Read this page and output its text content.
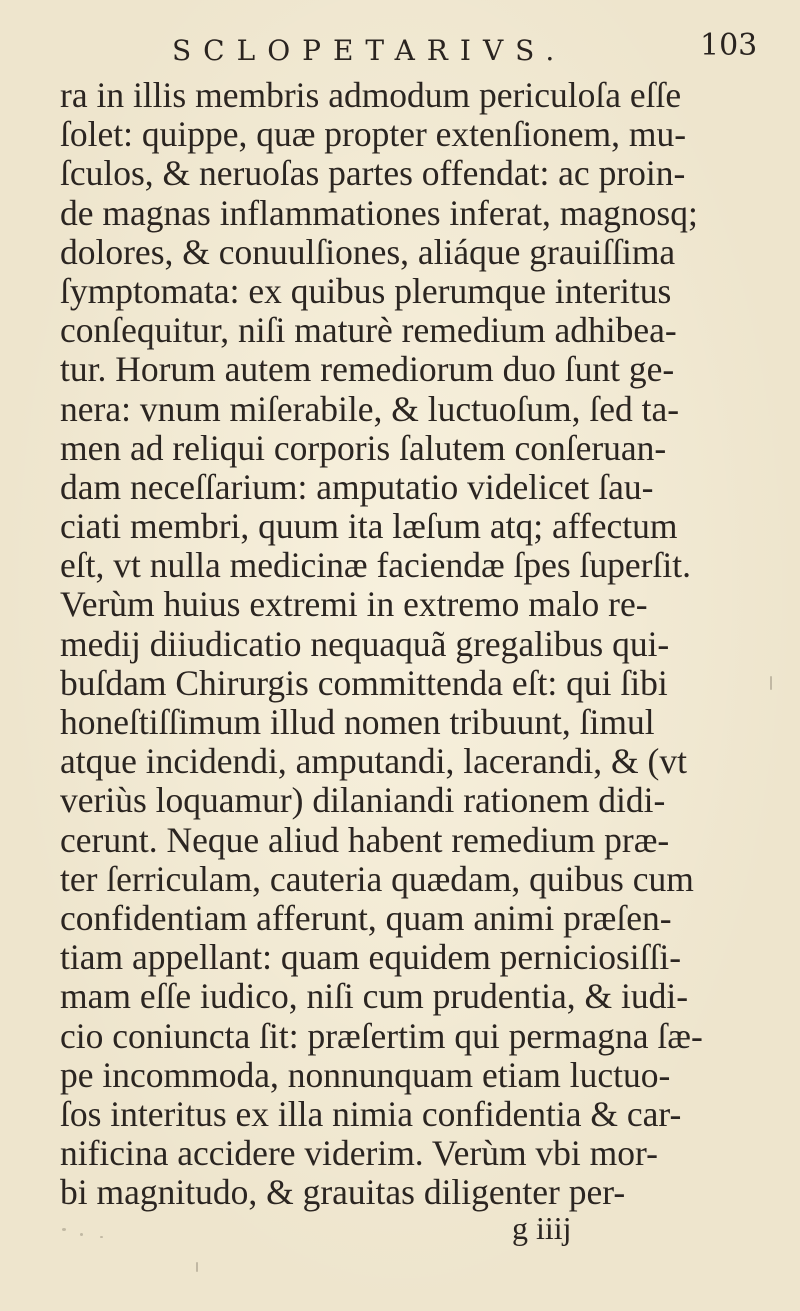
SCLOPETARIVS.	103
ra in illis membris admodum periculoſa eſſe
ſolet: quippe, quæ propter extenſionem, mu-
ſculos, & neruoſas partes offendat: ac proin-
de magnas inflammationes inferat, magnosq;
dolores, & conuulſiones, aliáque grauiſſima
ſymptomata: ex quibus plerumque interitus
conſequitur, niſi maturè remedium adhibea-
tur. Horum autem remediorum duo ſunt ge-
nera: vnum miſerabile, & luctuoſum, ſed ta-
men ad reliqui corporis ſalutem conſeruan-
dam neceſſarium: amputatio videlicet ſau-
ciati membri, quum ita læſum atq; affectum
eſt, vt nulla medicinæ faciendæ ſpes ſuperſit.
Verùm huius extremi in extremo malo re-
medij diiudicatio nequaquã gregalibus qui-
buſdam Chirurgis committenda eſt: qui ſibi
honeſtiſſimum illud nomen tribuunt, ſimul
atque incidendi, amputandi, lacerandi, & (vt
veriùs loquamur) dilaniandi rationem didi-
cerunt. Neque aliud habent remedium præ-
ter ſerriculam, cauteria quædam, quibus cum
confidentiam afferunt, quam animi præſen-
tiam appellant: quam equidem perniciosiſſi-
mam eſſe iudico, niſi cum prudentia, & iudi-
cio coniuncta ſit: præſertim qui permagna ſæ-
pe incommoda, nonnunquam etiam luctuo-
ſos interitus ex illa nimia confidentia & car-
nificina accidere viderim. Verùm vbi mor-
bi magnitudo, & grauitas diligenter per-
g iiij
